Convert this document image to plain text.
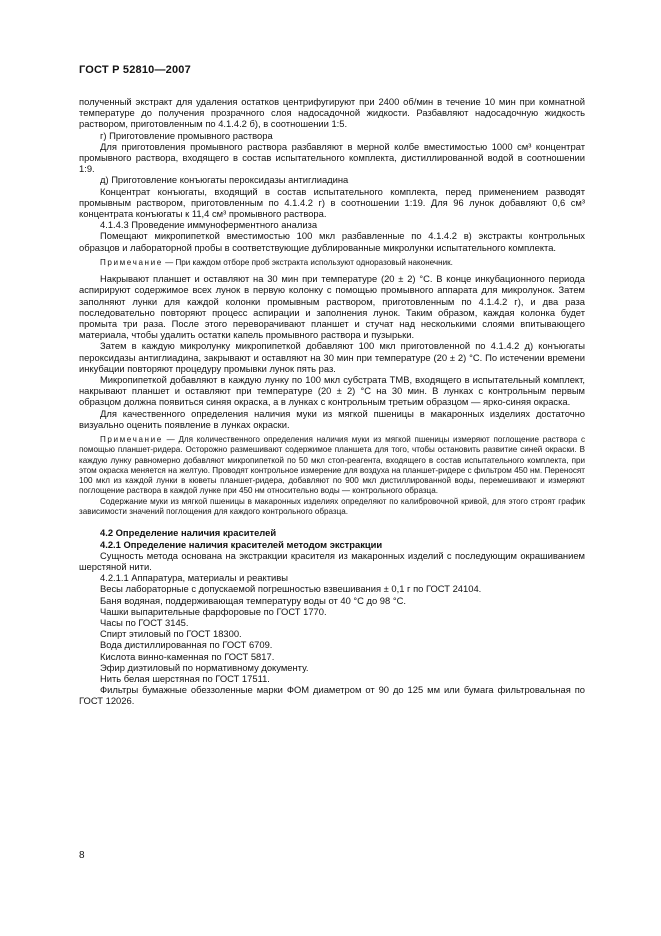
ГОСТ Р 52810—2007

полученный экстракт для удаления остатков центрифугируют при 2400 об/мин в течение 10 мин при комнатной температуре до получения прозрачного слоя надосадочной жидкости. Разбавляют надосадочную жидкость раствором, приготовленным по 4.1.4.2 б), в соотношении 1:5.

г) Приготовление промывного раствора

Для приготовления промывного раствора разбавляют в мерной колбе вместимостью 1000 см³ концентрат промывного раствора, входящего в состав испытательного комплекта, дистиллированной водой в соотношении 1:9.

д) Приготовление конъюгаты пероксидазы антиглиадина

Концентрат конъюгаты, входящий в состав испытательного комплекта, перед применением разводят промывным раствором, приготовленным по 4.1.4.2 г) в соотношении 1:19. Для 96 лунок добавляют 0,6 см³ концентрата конъюгаты к 11,4 см³ промывного раствора.

4.1.4.3 Проведение иммуноферментного анализа

Помещают микропипеткой вместимостью 100 мкл разбавленные по 4.1.4.2 в) экстракты контрольных образцов и лабораторной пробы в соответствующие дублированные микролунки испытательного комплекта.

Примечание — При каждом отборе проб экстракта используют одноразовый наконечник.

Накрывают планшет и оставляют на 30 мин при температуре (20 ± 2) °С. В конце инкубационного периода аспирируют содержимое всех лунок в первую колонку с помощью промывного аппарата для микролунок. Затем заполняют лунки для каждой колонки промывным раствором, приготовленным по 4.1.4.2 г), и два раза последовательно повторяют процесс аспирации и заполнения лунок. Таким образом, каждая колонка будет промыта три раза. После этого переворачивают планшет и стучат над несколькими слоями впитывающего материала, чтобы удалить остатки капель промывного раствора и пузырьки.

Затем в каждую микролунку микропипеткой добавляют 100 мкл приготовленной по 4.1.4.2 д) конъюгаты пероксидазы антиглиадина, закрывают и оставляют на 30 мин при температуре (20 ± 2) °С. По истечении времени инкубации повторяют процедуру промывки лунок пять раз.

Микропипеткой добавляют в каждую лунку по 100 мкл субстрата TMB, входящего в испытательный комплект, накрывают планшет и оставляют при температуре (20 ± 2) °С на 30 мин. В лунках с контрольным первым образцом должна появиться синяя окраска, а в лунках с контрольным третьим образцом — ярко-синяя окраска.

Для качественного определения наличия муки из мягкой пшеницы в макаронных изделиях достаточно визуально оценить появление в лунках окраски.

Примечание — Для количественного определения наличия муки из мягкой пшеницы измеряют поглощение раствора с помощью планшет-ридера. Осторожно размешивают содержимое планшета для того, чтобы остановить развитие синей окраски. В каждую лунку равномерно добавляют микропипеткой по 50 мкл стоп-реагента, входящего в состав испытательного комплекта, при этом окраска меняется на желтую. Проводят контрольное измерение для воздуха на планшет-ридере с фильтром 450 нм. Переносят 100 мкл из каждой лунки в кюветы планшет-ридера, добавляют по 900 мкл дистиллированной воды, перемешивают и измеряют поглощение раствора в каждой лунке при 450 нм относительно воды — контрольного образца.

Содержание муки из мягкой пшеницы в макаронных изделиях определяют по калибровочной кривой, для этого строят график зависимости значений поглощения для каждого контрольного образца.

4.2 Определение наличия красителей

4.2.1 Определение наличия красителей методом экстракции

Сущность метода основана на экстракции красителя из макаронных изделий с последующим окрашиванием шерстяной нити.

4.2.1.1 Аппаратура, материалы и реактивы

Весы лабораторные с допускаемой погрешностью взвешивания ± 0,1 г по ГОСТ 24104.

Баня водяная, поддерживающая температуру воды от 40 °С до 98 °С.

Чашки выпарительные фарфоровые по ГОСТ 1770.

Часы по ГОСТ 3145.

Спирт этиловый по ГОСТ 18300.

Вода дистиллированная по ГОСТ 6709.

Кислота винно-каменная по ГОСТ 5817.

Эфир диэтиловый по нормативному документу.

Нить белая шерстяная по ГОСТ 17511.

Фильтры бумажные обеззоленные марки ФОМ диаметром от 90 до 125 мм или бумага фильтровальная по ГОСТ 12026.

8
